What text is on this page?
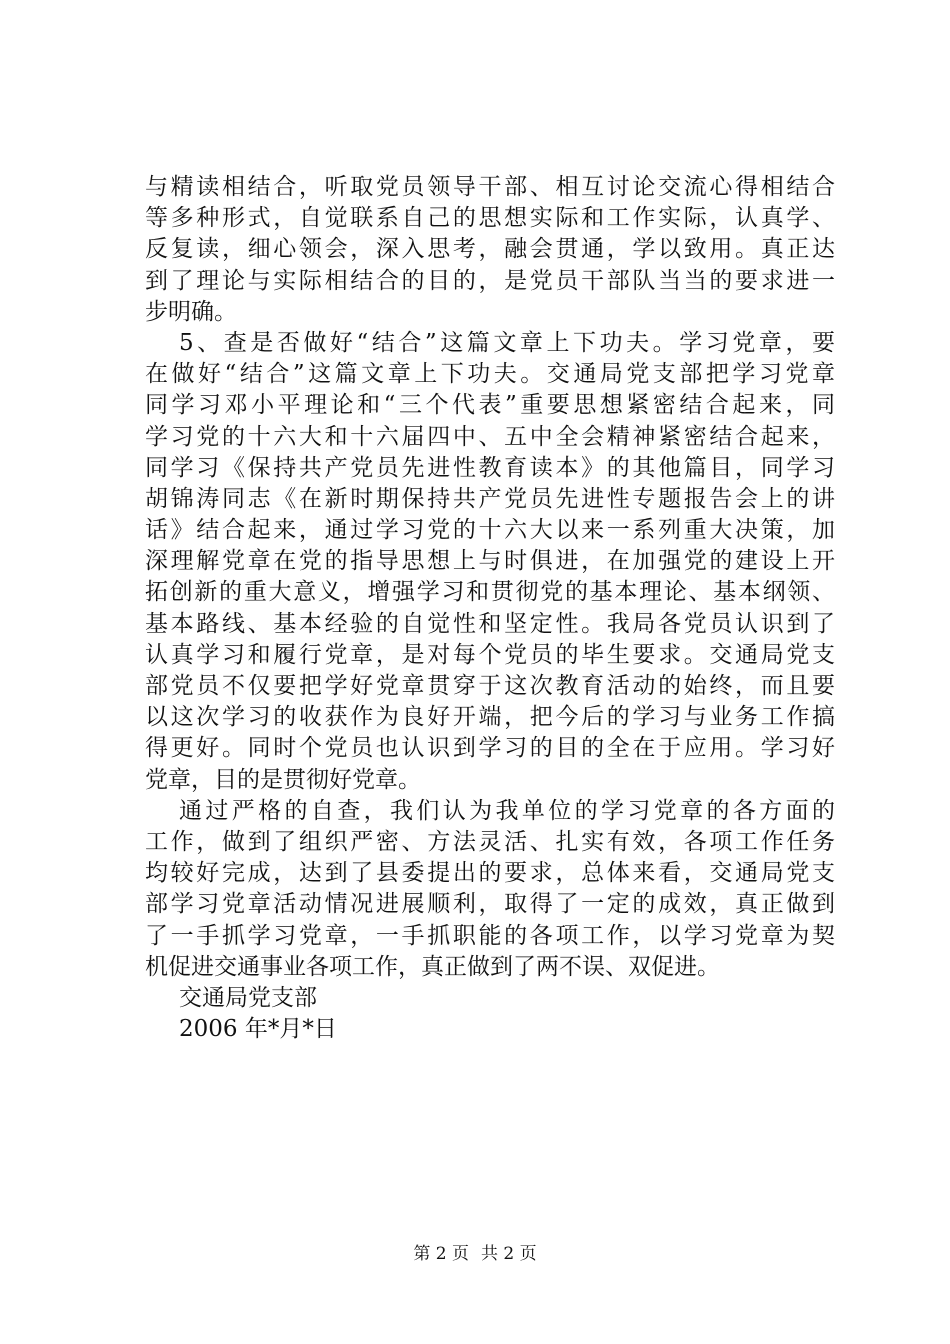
与精读相结合，听取党员领导干部、相互讨论交流心得相结合
等多种形式，自觉联系自己的思想实际和工作实际，认真学、
反复读，细心领会，深入思考，融会贯通，学以致用。真正达
到了理论与实际相结合的目的，是党员干部队当当的要求进一
步明确。
5、查是否做好“结合”这篇文章上下功夫。学习党章，要
在做好“结合”这篇文章上下功夫。交通局党支部把学习党章
同学习邓小平理论和“三个代表”重要思想紧密结合起来，同
学习党的十六大和十六届四中、五中全会精神紧密结合起来，
同学习《保持共产党员先进性教育读本》的其他篇目，同学习
胡锦涛同志《在新时期保持共产党员先进性专题报告会上的讲
话》结合起来，通过学习党的十六大以来一系列重大决策，加
深理解党章在党的指导思想上与时俱进，在加强党的建设上开
拓创新的重大意义，增强学习和贯彻党的基本理论、基本纲领、
基本路线、基本经验的自觉性和坚定性。我局各党员认识到了
认真学习和履行党章，是对每个党员的毕生要求。交通局党支
部党员不仅要把学好党章贯穿于这次教育活动的始终，而且要
以这次学习的收获作为良好开端，把今后的学习与业务工作搞
得更好。同时个党员也认识到学习的目的全在于应用。学习好
党章，目的是贯彻好党章。
通过严格的自查，我们认为我单位的学习党章的各方面的
工作，做到了组织严密、方法灵活、扎实有效，各项工作任务
均较好完成，达到了县委提出的要求，总体来看，交通局党支
部学习党章活动情况进展顺利，取得了一定的成效，真正做到
了一手抓学习党章，一手抓职能的各项工作，以学习党章为契
机促进交通事业各项工作，真正做到了两不误、双促进。
交通局党支部
2006 年*月*日
第 2 页 共 2 页
